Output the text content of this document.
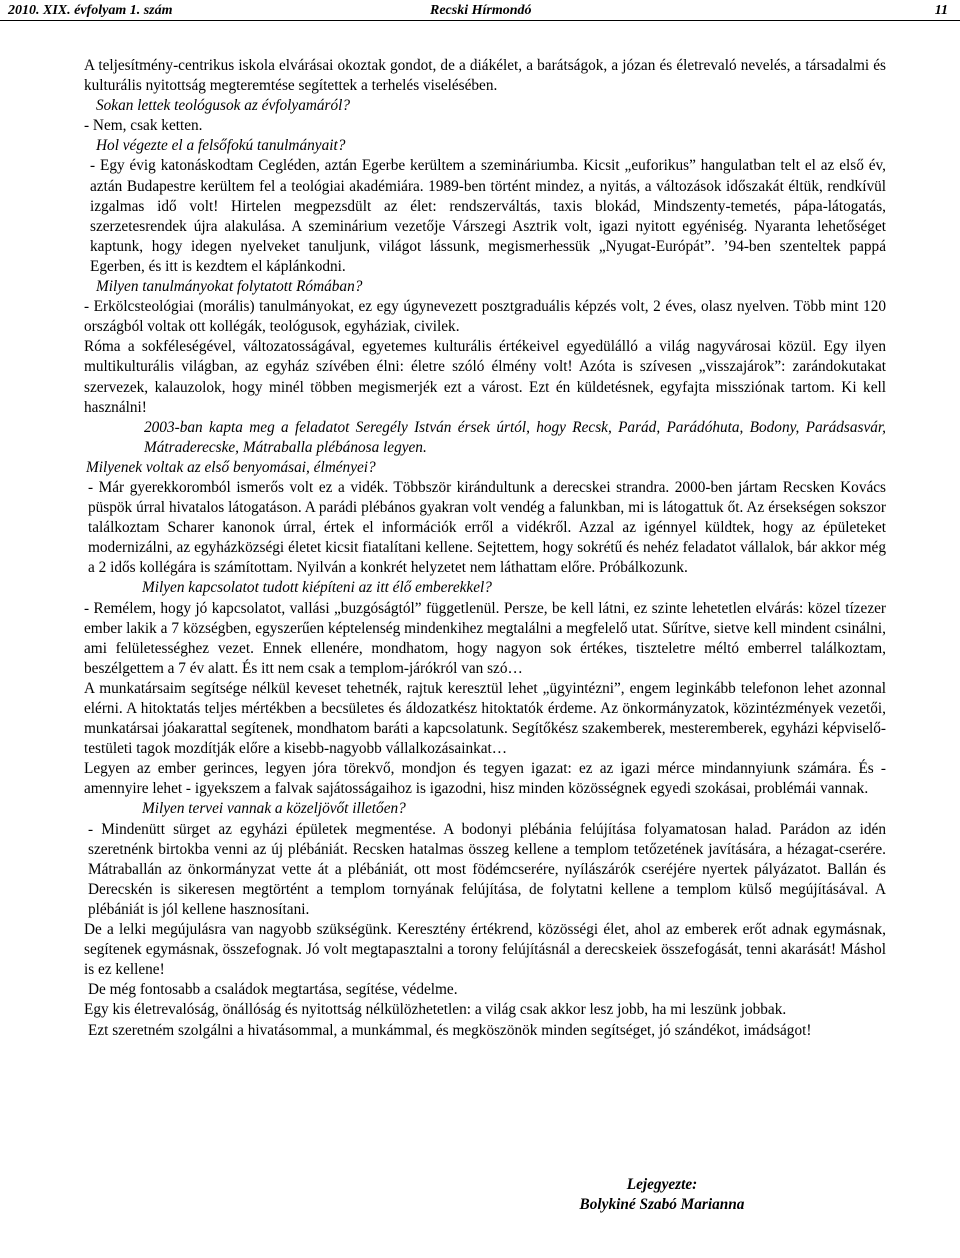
2010. XIX. évfolyam 1. szám	Recski Hírmondó	11

A teljesítmény-centrikus iskola elvárásai okoztak gondot, de a diákélet, a barátságok, a józan és életrevaló nevelés, a társadalmi és kulturális nyitottság megteremtése segítettek a terhelés viselésében.

Sokan lettek teológusok az évfolyamáról?

- Nem, csak ketten.

Hol végezte el a felsőfokú tanulmányait?

- Egy évig katonáskodtam Cegléden, aztán Egerbe kerültem a szemináriumba. Kicsit „euforikus” hangulatban telt el az első év, aztán Budapestre kerültem fel a teológiai akadémiára. 1989-ben történt mindez, a nyitás, a változások időszakát éltük, rendkívül izgalmas idő volt! Hirtelen megpezsdült az élet: rendszerváltás, taxis blokád, Mindszenty-temetés, pápa-látogatás, szerzetesrendek újra alakulása. A szeminárium vezetője Várszegi Asztrik volt, igazi nyitott egyéniség. Nyaranta lehetőséget kaptunk, hogy idegen nyelveket tanuljunk, világot lássunk, megismerhessük „Nyugat-Európát”. ’94-ben szenteltek pappá Egerben, és itt is kezdtem el káplánkodni.

Milyen tanulmányokat folytatott Rómában?

- Erkölcsteológiai (morális) tanulmányokat, ez egy úgynevezett posztgraduális képzés volt, 2 éves, olasz nyelven. Több mint 120 országból voltak ott kollégák, teológusok, egyháziak, civilek.

Róma a sokféleségével, változatosságával, egyetemes kulturális értékeivel egyedülálló a világ nagyvárosai közül. Egy ilyen multikulturális világban, az egyház szívében élni: életre szóló élmény volt! Azóta is szívesen „visszajárok”: zarándokutakat szervezek, kalauzolok, hogy minél többen megismerjék ezt a várost. Ezt én küldetésnek, egyfajta missziónak tartom. Ki kell használni!

2003-ban kapta meg a feladatot Seregély István érsek úrtól, hogy Recsk, Parád, Parádóhuta, Bodony, Parádsasvár, Mátraderecske, Mátraballa plébánosa legyen.

Milyenek voltak az első benyomásai, élményei?

- Már gyerekkoromból ismerős volt ez a vidék. Többször kirándultunk a derecskei strandra. 2000-ben jártam Recsken Kovács püspök úrral hivatalos látogatáson. A parádi plébános gyakran volt vendég a falunkban, mi is látogattuk őt. Az érsekségen sokszor találkoztam Scharer kanonok úrral, értek el információk erről a vidékről. Azzal az igénnyel küldtek, hogy az épületeket modernizálni, az egyházközségi életet kicsit fiatalítani kellene. Sejtettem, hogy sokrétű és nehéz feladatot vállalok, bár akkor még a 2 idős kollégára is számítottam. Nyilván a konkrét helyzetet nem láthattam előre. Próbálkozunk.

Milyen kapcsolatot tudott kiépíteni az itt élő emberekkel?

- Remélem, hogy jó kapcsolatot, vallási „buzgóságtól” függetlenül. Persze, be kell látni, ez szinte lehetetlen elvárás: közel tízezer ember lakik a 7 községben, egyszerűen képtelenség mindenkihez megtalálni a megfelelő utat. Sűrítve, sietve kell mindent csinálni, ami felületességhez vezet. Ennek ellenére, mondhatom, hogy nagyon sok értékes, tiszteletre méltó emberrel találkoztam, beszélgettem a 7 év alatt. És itt nem csak a templom-járókról van szó…

A munkatársaim segítsége nélkül keveset tehetnék, rajtuk keresztül lehet „ügyintézni”, engem leginkább telefonon lehet azonnal elérni. A hitoktatás teljes mértékben a becsületes és áldozatkész hitoktatók érdeme. Az önkormányzatok, közintézmények vezetői, munkatársai jóakarattal segítenek, mondhatom baráti a kapcsolatunk. Segítőkész szakemberek, mesteremberek, egyházi képviselő-testületi tagok mozdítják előre a kisebb-nagyobb vállalkozásainkat…

Legyen az ember gerinces, legyen jóra törekvő, mondjon és tegyen igazat: ez az igazi mérce mindannyiunk számára. És - amennyire lehet - igyekszem a falvak sajátosságaihoz is igazodni, hisz minden közösségnek egyedi szokásai, problémái vannak.

Milyen tervei vannak a közeljövőt illetően?

- Mindenütt sürget az egyházi épületek megmentése. A bodonyi plébánia felújítása folyamatosan halad. Parádon az idén szeretnénk birtokba venni az új plébániát. Recsken hatalmas összeg kellene a templom tetőzetének javítására, a hézagat-cserére. Mátraballán az önkormányzat vette át a plébániát, ott most födémcserére, nyílászárók cseréjére nyertek pályázatot. Ballán és Derecskén is sikeresen megtörtént a templom tornyának felújítása, de folytatni kellene a templom külső megújításával. A plébániát is jól kellene hasznosítani.

De a lelki megújulásra van nagyobb szükségünk. Keresztény értékrend, közösségi élet, ahol az emberek erőt adnak egymásnak, segítenek egymásnak, összefognak. Jó volt megtapasztalni a torony felújításnál a derecskeiek összefogását, tenni akarását! Máshol is ez kellene!

De még fontosabb a családok megtartása, segítése, védelme.

Egy kis életrevalóság, önállóság és nyitottság nélkülözhetetlen: a világ csak akkor lesz jobb, ha mi leszünk jobbak.

Ezt szeretném szolgálni a hivatásommal, a munkámmal, és megköszönök minden segítséget, jó szándékot, imádságot!

Lejegyezte:
Bolykiné Szabó Marianna
